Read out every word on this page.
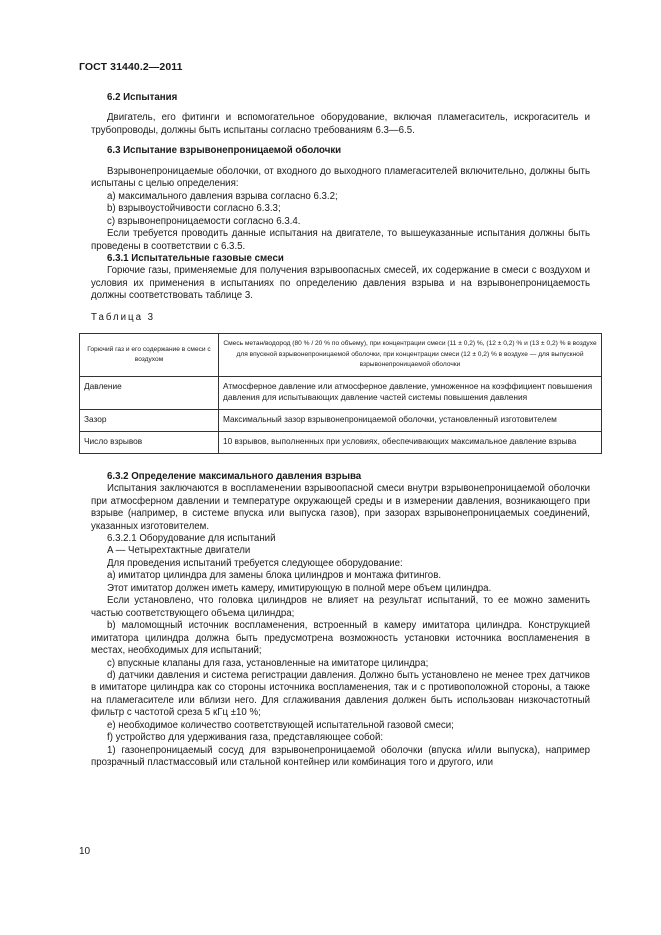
ГОСТ 31440.2—2011

6.2 Испытания

Двигатель, его фитинги и вспомогательное оборудование, включая пламегаситель, искрогаситель и трубопроводы, должны быть испытаны согласно требованиям 6.3—6.5.

6.3 Испытание взрывонепроницаемой оболочки

Взрывонепроницаемые оболочки, от входного до выходного пламегасителей включительно, должны быть испытаны с целью определения:

a) максимального давления взрыва согласно 6.3.2;

b) взрывоустойчивости согласно 6.3.3;

c) взрывонепроницаемости согласно 6.3.4.

Если требуется проводить данные испытания на двигателе, то вышеуказанные испытания должны быть проведены в соответствии с 6.3.5.

6.3.1 Испытательные газовые смеси

Горючие газы, применяемые для получения взрывоопасных смесей, их содержание в смеси с воздухом и условия их применения в испытаниях по определению давления взрыва и на взрывонепроницаемость должны соответствовать таблице 3.

Таблица 3

Горючий газ и его содержание в смеси с воздухом	Смесь метан/водород (80 % / 20 % по объему), при концентрации смеси (11 ± 0,2) %, (12 ± 0,2) % и (13 ± 0,2) % в воздухе для впускной взрывонепроницаемой оболочки, при концентрации смеси (12 ± 0,2) % в воздухе — для выпускной взрывонепроницаемой оболочки
Давление	Атмосферное давление или атмосферное давление, умноженное на коэффициент повышения давления для испытывающих давление частей системы повышения давления
Зазор	Максимальный зазор взрывонепроницаемой оболочки, установленный изготовителем
Число взрывов	10 взрывов, выполненных при условиях, обеспечивающих максимальное давление взрыва

6.3.2 Определение максимального давления взрыва

Испытания заключаются в воспламенении взрывоопасной смеси внутри взрывонепроницаемой оболочки при атмосферном давлении и температуре окружающей среды и в измерении давления, возникающего при взрыве (например, в системе впуска или выпуска газов), при зазорах взрывонепроницаемых соединений, указанных изготовителем.

6.3.2.1 Оборудование для испытаний

A — Четырехтактные двигатели

Для проведения испытаний требуется следующее оборудование:

a) имитатор цилиндра для замены блока цилиндров и монтажа фитингов.

Этот имитатор должен иметь камеру, имитирующую в полной мере объем цилиндра.

Если установлено, что головка цилиндров не влияет на результат испытаний, то ее можно заменить частью соответствующего объема цилиндра;

b) маломощный источник воспламенения, встроенный в камеру имитатора цилиндра. Конструкцией имитатора цилиндра должна быть предусмотрена возможность установки источника воспламенения в местах, необходимых для испытаний;

c) впускные клапаны для газа, установленные на имитаторе цилиндра;

d) датчики давления и система регистрации давления. Должно быть установлено не менее трех датчиков в имитаторе цилиндра как со стороны источника воспламенения, так и с противоположной стороны, а также на пламегасителе или вблизи него. Для сглаживания давления должен быть использован низкочастотный фильтр с частотой среза 5 кГц ±10 %;

e) необходимое количество соответствующей испытательной газовой смеси;

f) устройство для удерживания газа, представляющее собой:

1) газонепроницаемый сосуд для взрывонепроницаемой оболочки (впуска и/или выпуска), например прозрачный пластмассовый или стальной контейнер или комбинация того и другого, или

10
